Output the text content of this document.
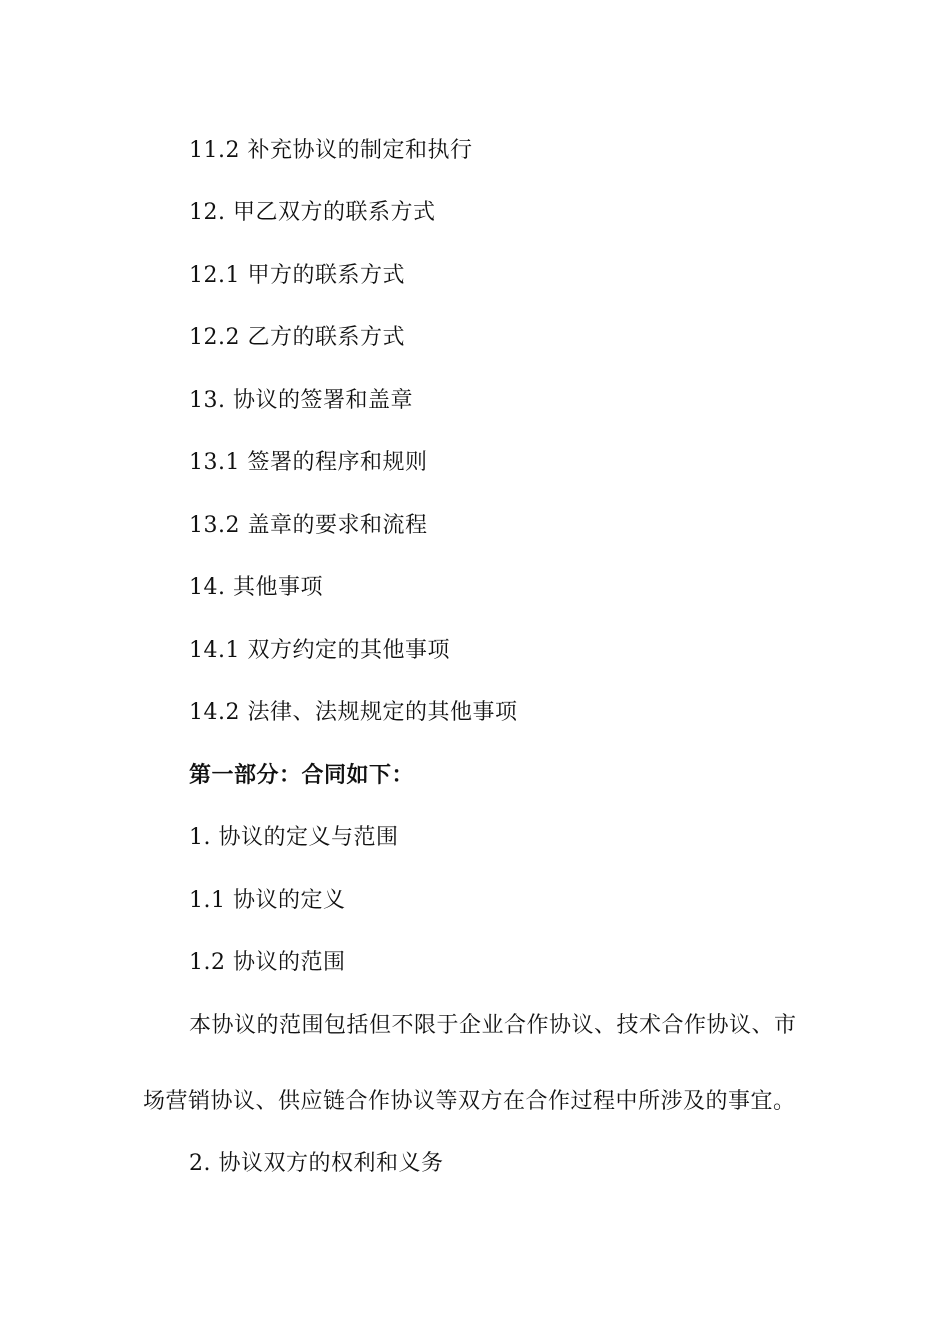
11.2 补充协议的制定和执行
12. 甲乙双方的联系方式
12.1 甲方的联系方式
12.2 乙方的联系方式
13. 协议的签署和盖章
13.1 签署的程序和规则
13.2 盖章的要求和流程
14. 其他事项
14.1 双方约定的其他事项
14.2 法律、法规规定的其他事项
第一部分：合同如下：
1. 协议的定义与范围
1.1 协议的定义
1.2 协议的范围
本协议的范围包括但不限于企业合作协议、技术合作协议、市
场营销协议、供应链合作协议等双方在合作过程中所涉及的事宜。
2. 协议双方的权利和义务
